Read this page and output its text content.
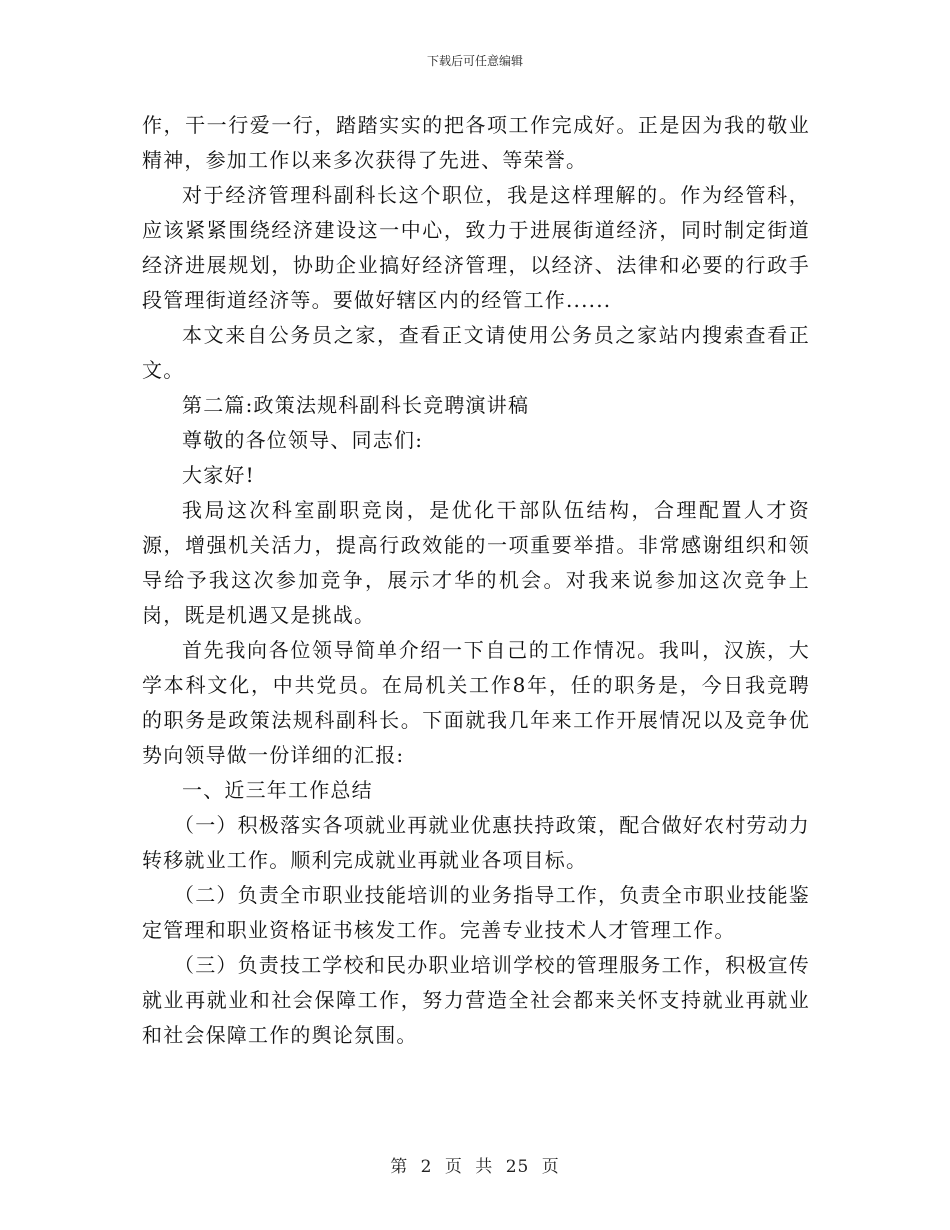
下载后可任意编辑

作，干一行爱一行，踏踏实实的把各项工作完成好。正是因为我的敬业精神，参加工作以来多次获得了先进、等荣誉。

对于经济管理科副科长这个职位，我是这样理解的。作为经管科，应该紧紧围绕经济建设这一中心，致力于进展街道经济，同时制定街道经济进展规划，协助企业搞好经济管理，以经济、法律和必要的行政手段管理街道经济等。要做好辖区内的经管工作......

本文来自公务员之家，查看正文请使用公务员之家站内搜索查看正文。

第二篇:政策法规科副科长竞聘演讲稿

尊敬的各位领导、同志们:

大家好!

我局这次科室副职竞岗，是优化干部队伍结构，合理配置人才资源，增强机关活力，提高行政效能的一项重要举措。非常感谢组织和领导给予我这次参加竞争，展示才华的机会。对我来说参加这次竞争上岗，既是机遇又是挑战。

首先我向各位领导简单介绍一下自己的工作情况。我叫，汉族，大学本科文化，中共党员。在局机关工作8年，任的职务是，今日我竞聘的职务是政策法规科副科长。下面就我几年来工作开展情况以及竞争优势向领导做一份详细的汇报:

一、近三年工作总结

（一）积极落实各项就业再就业优惠扶持政策，配合做好农村劳动力转移就业工作。顺利完成就业再就业各项目标。

（二）负责全市职业技能培训的业务指导工作，负责全市职业技能鉴定管理和职业资格证书核发工作。完善专业技术人才管理工作。

（三）负责技工学校和民办职业培训学校的管理服务工作，积极宣传就业再就业和社会保障工作，努力营造全社会都来关怀支持就业再就业和社会保障工作的舆论氛围。

第 2 页 共 25 页
